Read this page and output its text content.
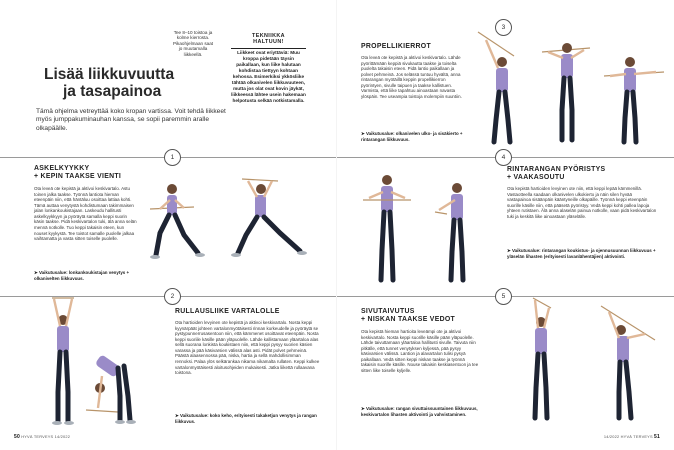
Tee 8–10 toistoa ja kolme kierrosta. Pikaohjelmaan saat jo muutamalla liikkeellä.
Lisää liikkuvuutta
ja tasapainoa
Tämä ohjelma vetreyttää koko kropan vartissa. Voit tehdä liikkeet myös jumppakuminauhan kanssa, se sopii paremmin aralle olkapäälle.
TEKNIIKKA
HALTUUN!
Liikkeet ovat eriyttäviä: Muu kroppa pidetään täysin paikallaan, kun liike halutaan kohdistaa tiettyyn kohtaan kehossa. Esimerkiksi ykkösliike tähtää olkanivelen liikkuvuuteen, mutta jos olat ovat kovin jäykät, liikkeessä lähtee usein hakemaan helpotusta selkää notkistamalla.
1
ASKELKYYKKY
+ KEPIN TAAKSE VIENTI
Ota leveä ote kepistä ja aktivoi keskivartalo. Astu toinen jalka taakse. Työnnä lantiota hieman eteenpäin niin, että häntäluu osoittaa lattiaa kohti. Tämä auttaa venytystä kohdistumaan takimmaisen jalan lonkankoukistajaan. Laskeudu hallitusti askelkyykkyyn ja pyöräytä samalla keppi suorin käsin taakse. Pidä keskivartalon tuki, älä anna selän mennä notkolle. Tuo keppi takaisin eteen, kun nouset kyykystä. Tee toistot samalle puolelle jalkaa vaihtamatta ja vasta sitten toiselle puolelle.
➤ Vaikutusalue: lonkankoukistajan venytys + olkanivelten liikkuvuus.
2
RULLAUSLIIKE VARTALOLLE
Ota hartioiden levyinen ote kepistä ja aktivoi keskivartalo. Nosta keppi kyynärpäät johteen vartalonmyötäisesti rinnan korkeudelle ja pyöräytä se pystypunnerrusasentoon niin, että kämmenet osoittavat eteenpäin. Nosta keppi suoriile käsille pään yläpuolelle. Lähde kallistamaan yläartaloa alas sellä suorana lonkista koukistaen niin, että keppi pysyy suorien käsien varassa ja pää käsivarsien välissä alas asti. Pidät polvet pehmeinä. Päästä alaasennossa pää, niska, hartia ja sellä mahdollisimman rennoksi. Palaa ylös selkärankaa nikama nikamalta rullaten. Keppi kulkee vartalonmyötäisesti aloitusohjeiden mukaisesti. Jatka liikettä rullaavana toistona.
➤ Vaikutusalue: koko keho, erityisesti takaketjun venytys ja rangan liikkuvus.
50 HYVÄ TERVEYS 14/2022
PROPELLIKIERROT
Ota leveä ote kepistä ja aktivoi keskivartalo. Lähde pyörittämään keppiä sivukautta taakse ja toiselta puolelta takaisin eteen. Pidä lantio paikallaan ja polvet pehmeinä. Jos selässä tuntuu hyvältä, anna rintarangan myötäillä keppin propellikierron pyörintyen, sivulle taipuen ja taakse kallistuen. Varmista, että liike tapahtuu ainoastaan navasta ylöspäin. Tee useampia toistoja molempiin suuntiin.
➤ Vaikutusalue: olkanivelen ulko- ja sisäkierto + rintarangan liikkuvuus.
3
4
RINTARANGAN PYÖRISTYS
+ VAAKASOUTU
Ota kepistä hartioiden levyinen ote niin, että keppi lepää kämmenillä. Vastaotteella saadaan olkanivelen ulkokierto ja näin silen hyvää vastapainoa sisäänpäin kääntyneille olkapäille. Työnnä keppi eteenpäin suorille käsille niin, että pääsetä pyöristyy. Vedä keppi kohti pallea lapoja yhteen rutistaen. Älä anna alaselän painua notkolle, vaan pidä keskivartalon tuki ja keskitä liike ainoastaan yläselälle.
➤ Vaikutusalue: rintarangan koukistus- ja ojennusuunnan liikkuvuus + yläselän lihasten (erityisesti lavanlähentäjien) aktivointi.
5
SIVUTAIVUTUS
+ NISKAN TAAKSE VEDOT
Ota kepistä hieman hartioita leveämpi ote ja aktivoi keskivartalo. Nosta keppi suorille käsille pään yläpuolelle. Lähde taivuttamaan yläartaloa hallitusti sivulle. Taivuta niin pitkälle, että tunnet venytyksen kyljessä, pää pysyy käsivarsien välissä. Lantion ja alavartalon tulisi pysyä paikallaan. Vedä sitten keppi niskan taakse ja työnnä takaisin suorille käsille. Nouse takaisin keskiasentoon ja tee sitten liike toiselle kyljelle.
➤ Vaikutusalue: rangan sivuttaissuuntainen liikkuvuus, keskivartalon lihasten aktivointi ja vahvistaminen.
14/2022 HYVÄ TERVEYS 51
